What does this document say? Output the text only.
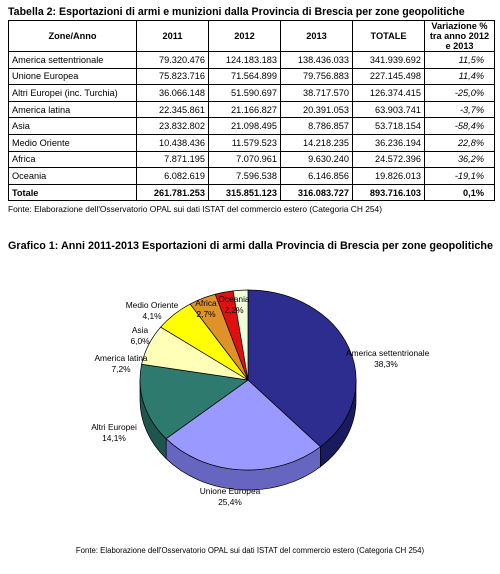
Tabella 2: Esportazioni di armi e munizioni dalla Provincia di Brescia per zone geopolitiche
Zone/Anno	2011	2012	2013	TOTALE	Variazione % tra anno 2012 e 2013
America settentrionale	79.320.476	124.183.183	138.436.033	341.939.692	11,5%
Unione Europea	75.823.716	71.564.899	79.756.883	227.145.498	11,4%
Altri Europei (inc. Turchia)	36.066.148	51.590.697	38.717.570	126.374.415	-25,0%
America latina	22.345.861	21.166.827	20.391.053	63.903.741	-3,7%
Asia	23.832.802	21.098.495	8.786.857	53.718.154	-58,4%
Medio Oriente	10.438.436	11.579.523	14.218.235	36.236.194	22,8%
Africa	7.871.195	7.070.961	9.630.240	24.572.396	36,2%
Oceania	6.082.619	7.596.538	6.146.856	19.826.013	-19,1%
Totale	261.781.253	315.851.123	316.083.727	893.716.103	0,1%
Fonte: Elaborazione dell'Osservatorio OPAL sui dati ISTAT del commercio estero (Categoria CH 254)
Grafico 1: Anni 2011-2013 Esportazioni di armi dalla Provincia di Brescia per zone geopolitiche
America settentrionale
38,3%
Unione Europea
25,4%
Altri Europei
14,1%
America latina
7,2%
Asia
6,0%
Medio Oriente
4,1%
Africa
2,7%
Oceania
2,2%
Fonte: Elaborazione dell'Osservatorio OPAL sui dati ISTAT del commercio estero (Categoria CH 254)
